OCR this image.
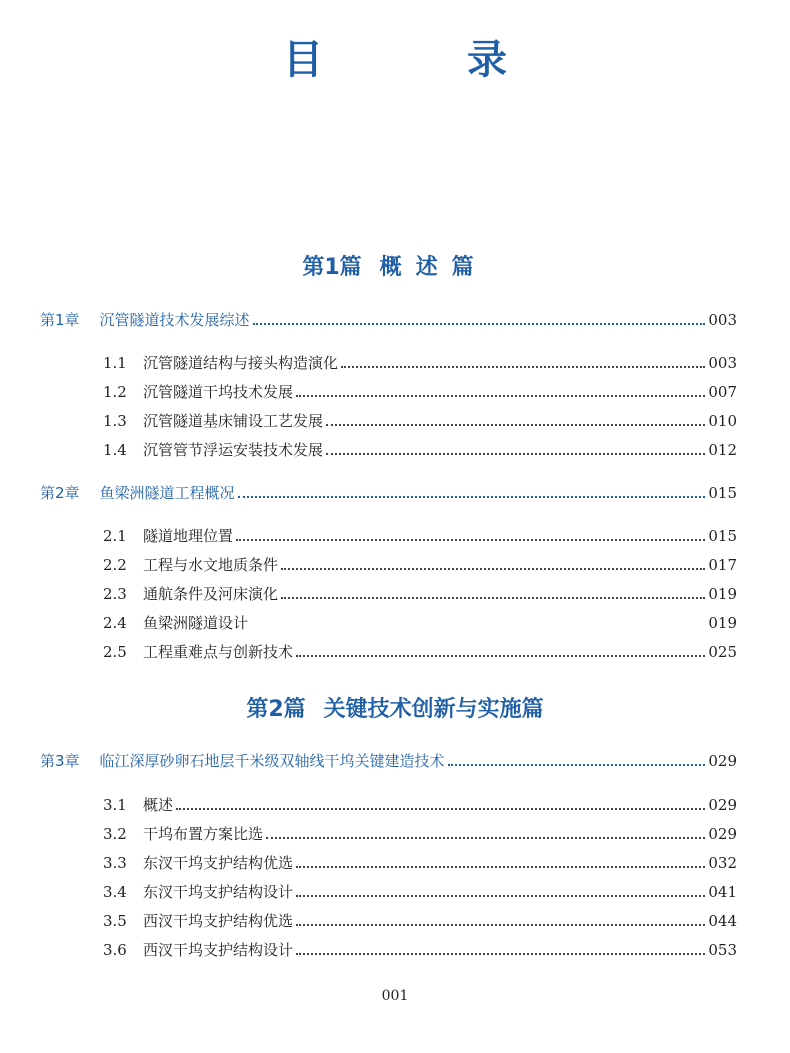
目　录
第1篇 概述篇
第1章 沉管隧道技术发展综述	003
1.1	沉管隧道结构与接头构造演化	003
1.2	沉管隧道干坞技术发展	007
1.3	沉管隧道基床铺设工艺发展	010
1.4	沉管管节浮运安装技术发展	012
第2章 鱼梁洲隧道工程概况	015
2.1	隧道地理位置	015
2.2	工程与水文地质条件	017
2.3	通航条件及河床演化	019
2.4	鱼梁洲隧道设计	019
2.5	工程重难点与创新技术	025
第2篇 关键技术创新与实施篇
第3章 临江深厚砂卵石地层千米级双轴线干坞关键建造技术	029
3.1	概述	029
3.2	干坞布置方案比选	029
3.3	东汊干坞支护结构优选	032
3.4	东汊干坞支护结构设计	041
3.5	西汊干坞支护结构优选	044
3.6	西汊干坞支护结构设计	053
001
